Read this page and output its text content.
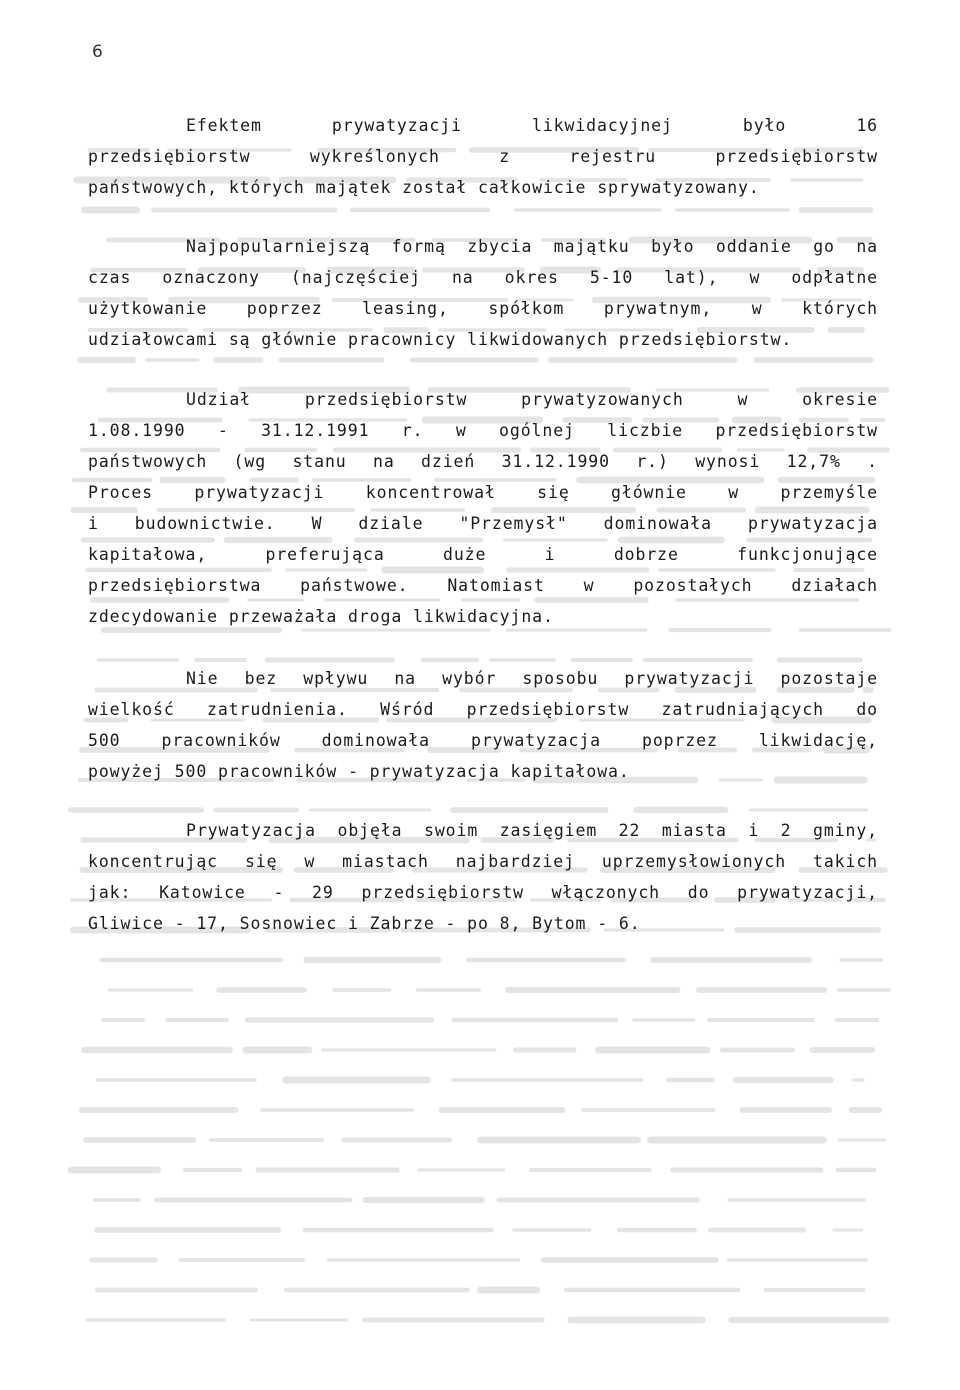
6
Efektem prywatyzacji likwidacyjnej było 16
przedsiębiorstw wykreślonych z rejestru przedsiębiorstw
państwowych, których majątek został całkowicie sprywatyzowany.
Najpopularniejszą formą zbycia majątku było oddanie go na
czas oznaczony (najczęściej na okres 5-10 lat), w odpłatne
użytkowanie poprzez leasing, spółkom prywatnym, w których
udziałowcami są głównie pracownicy likwidowanych przedsiębiorstw.
Udział przedsiębiorstw prywatyzowanych w okresie
1.08.1990 - 31.12.1991 r. w ogólnej liczbie przedsiębiorstw
państwowych (wg stanu na dzień 31.12.1990 r.) wynosi 12,7% .
Proces prywatyzacji koncentrował się głównie w przemyśle
i budownictwie. W dziale "Przemysł" dominowała prywatyzacja
kapitałowa, preferująca duże i dobrze funkcjonujące
przedsiębiorstwa państwowe. Natomiast w pozostałych działach
zdecydowanie przeważała droga likwidacyjna.
Nie bez wpływu na wybór sposobu prywatyzacji pozostaje
wielkość zatrudnienia. Wśród przedsiębiorstw zatrudniających do
500 pracowników dominowała prywatyzacja poprzez likwidację,
powyżej 500 pracowników - prywatyzacja kapitałowa.
Prywatyzacja objęła swoim zasięgiem 22 miasta i 2 gminy,
koncentrując się w miastach najbardziej uprzemysłowionych takich
jak: Katowice - 29 przedsiębiorstw włączonych do prywatyzacji,
Gliwice - 17, Sosnowiec i Zabrze - po 8, Bytom - 6.
